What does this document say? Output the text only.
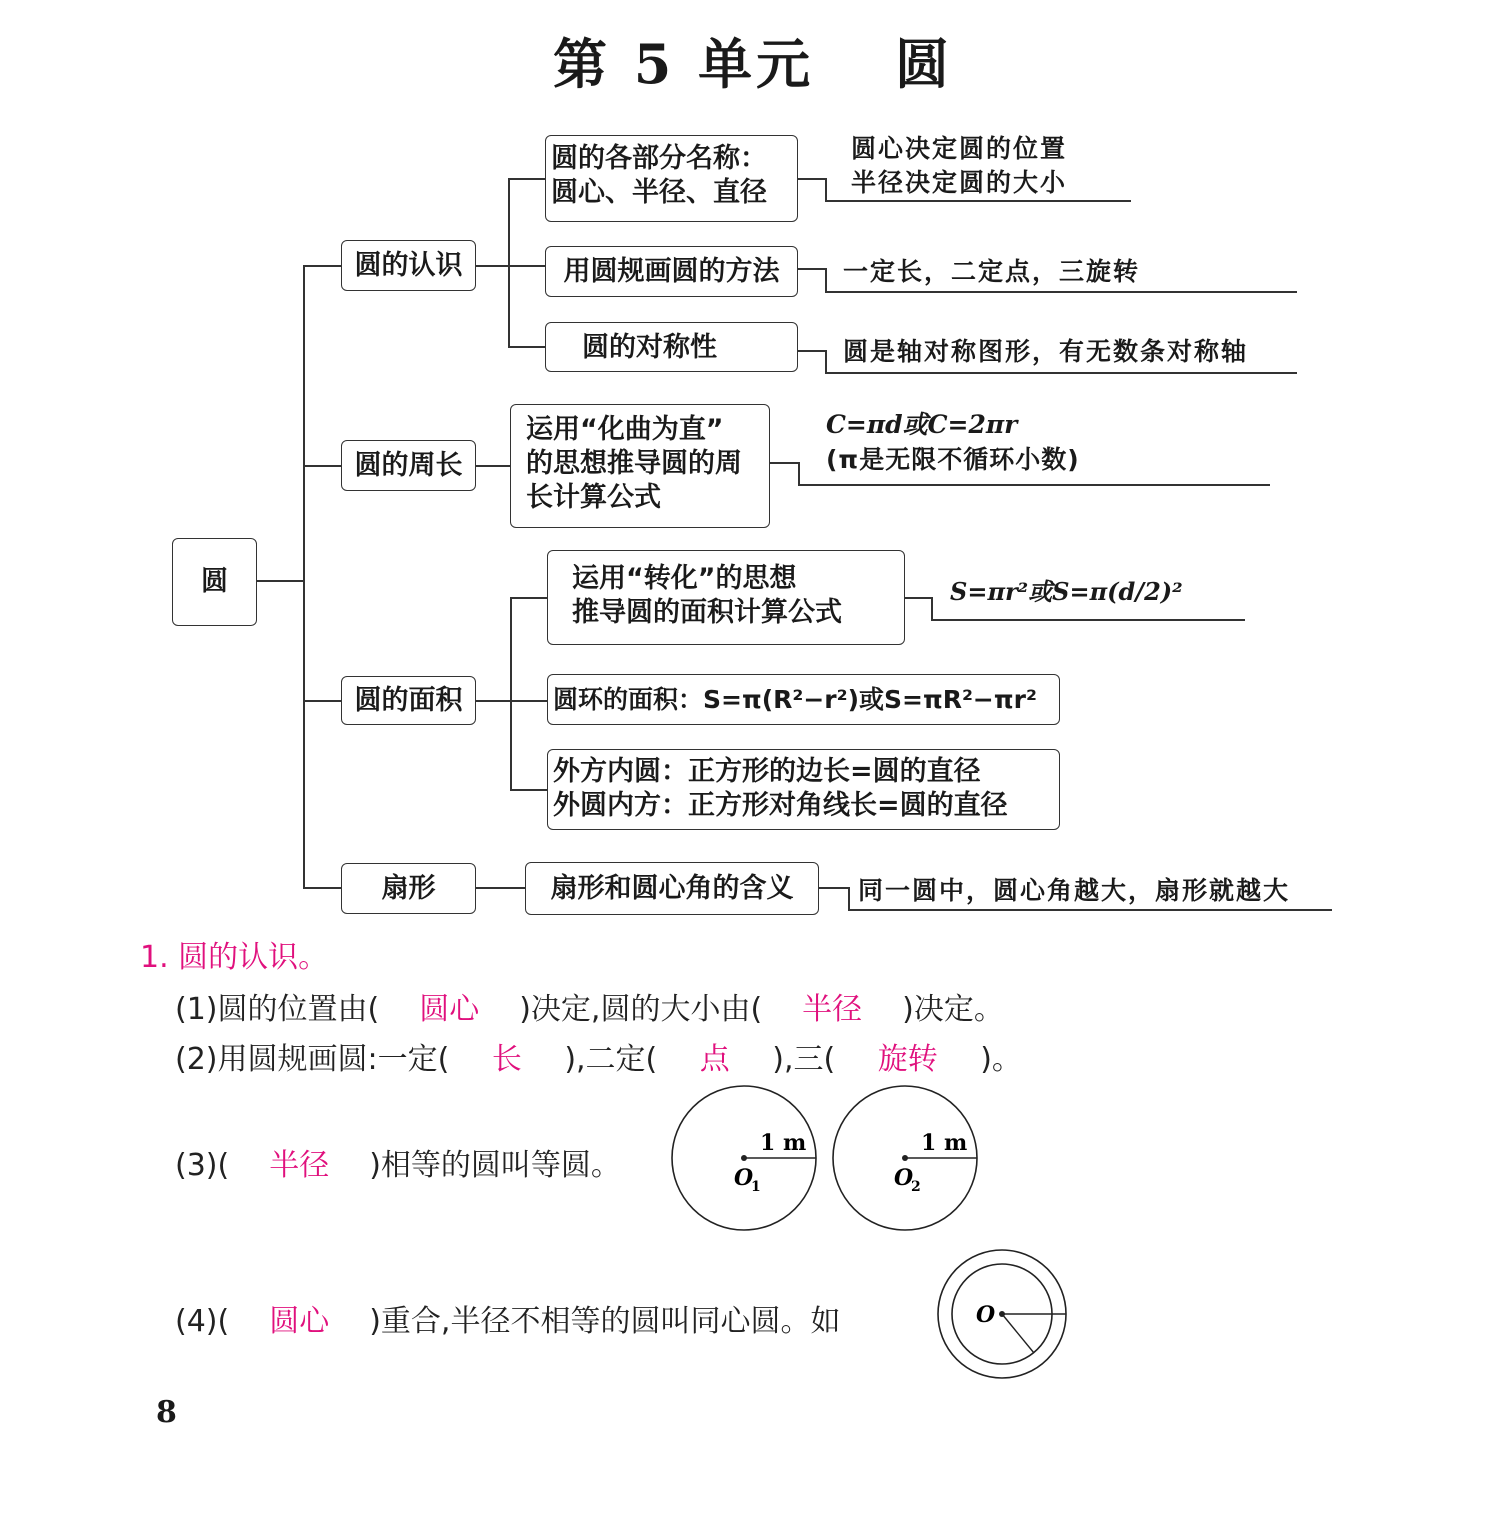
第 5 单元　 圆
圆
圆的认识
圆的周长
圆的面积
扇形
圆的各部分名称：
圆心、半径、直径
用圆规画圆的方法
圆的对称性
运用“化曲为直”
的思想推导圆的周
长计算公式
运用“转化”的思想
推导圆的面积计算公式
圆环的面积：S=π(R²−r²)或S=πR²−πr²
外方内圆：正方形的边长=圆的直径
外圆内方：正方形对角线长=圆的直径
扇形和圆心角的含义
圆心决定圆的位置
半径决定圆的大小
一定长，二定点，三旋转
圆是轴对称图形，有无数条对称轴
C=πd或C=2πr
(π是无限不循环小数)
S=πr²或S=π(d/2)²
同一圆中，圆心角越大，扇形就越大
1. 圆的认识。
(1)圆的位置由( 圆心 )决定,圆的大小由( 半径 )决定。
(2)用圆规画圆:一定( 长 ),二定( 点 ),三( 旋转 )。
(3)( 半径 )相等的圆叫等圆。
(4)( 圆心 )重合,半径不相等的圆叫同心圆。如
1 m
O
1
1 m
O
2
O
8
